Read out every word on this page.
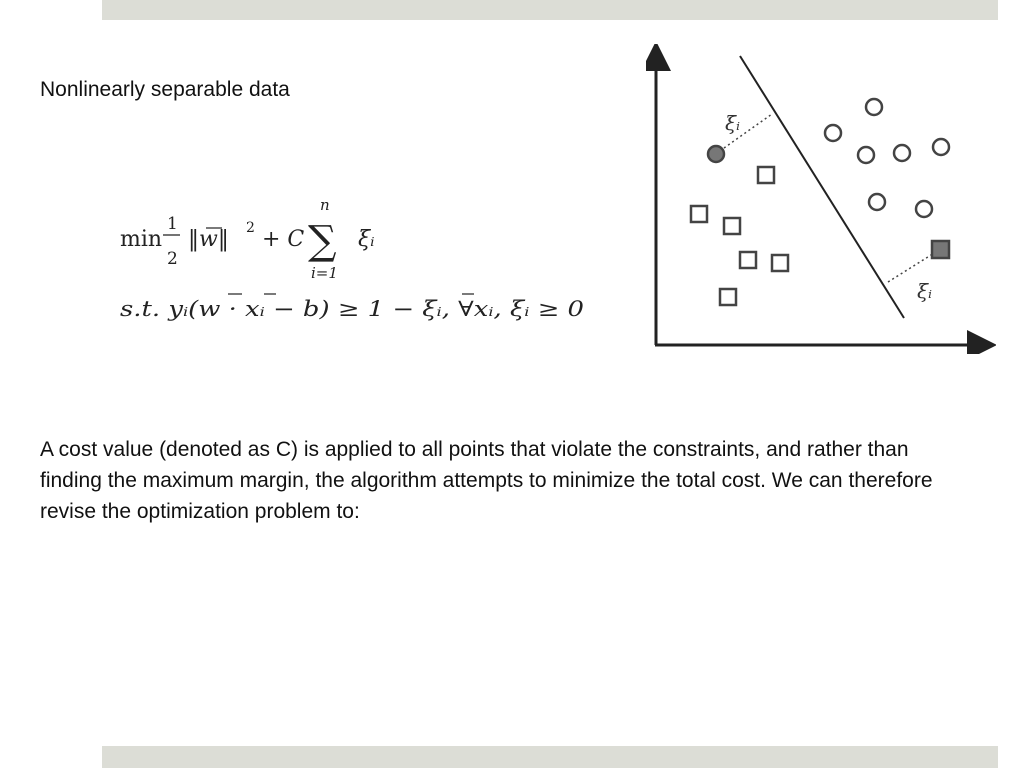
Nonlinearly separable data
min
1
2
‖w‖ 2 + C
n
∑
i=1
ξᵢ
s.t. yᵢ(w · xᵢ − b) ≥ 1 − ξᵢ, ∀xᵢ, ξᵢ ≥ 0
ξᵢ
ξᵢ

A cost value (denoted as C) is applied to all points that violate the constraints, and rather than finding the maximum margin, the algorithm attempts to minimize the total cost. We can therefore revise the optimization problem to:
